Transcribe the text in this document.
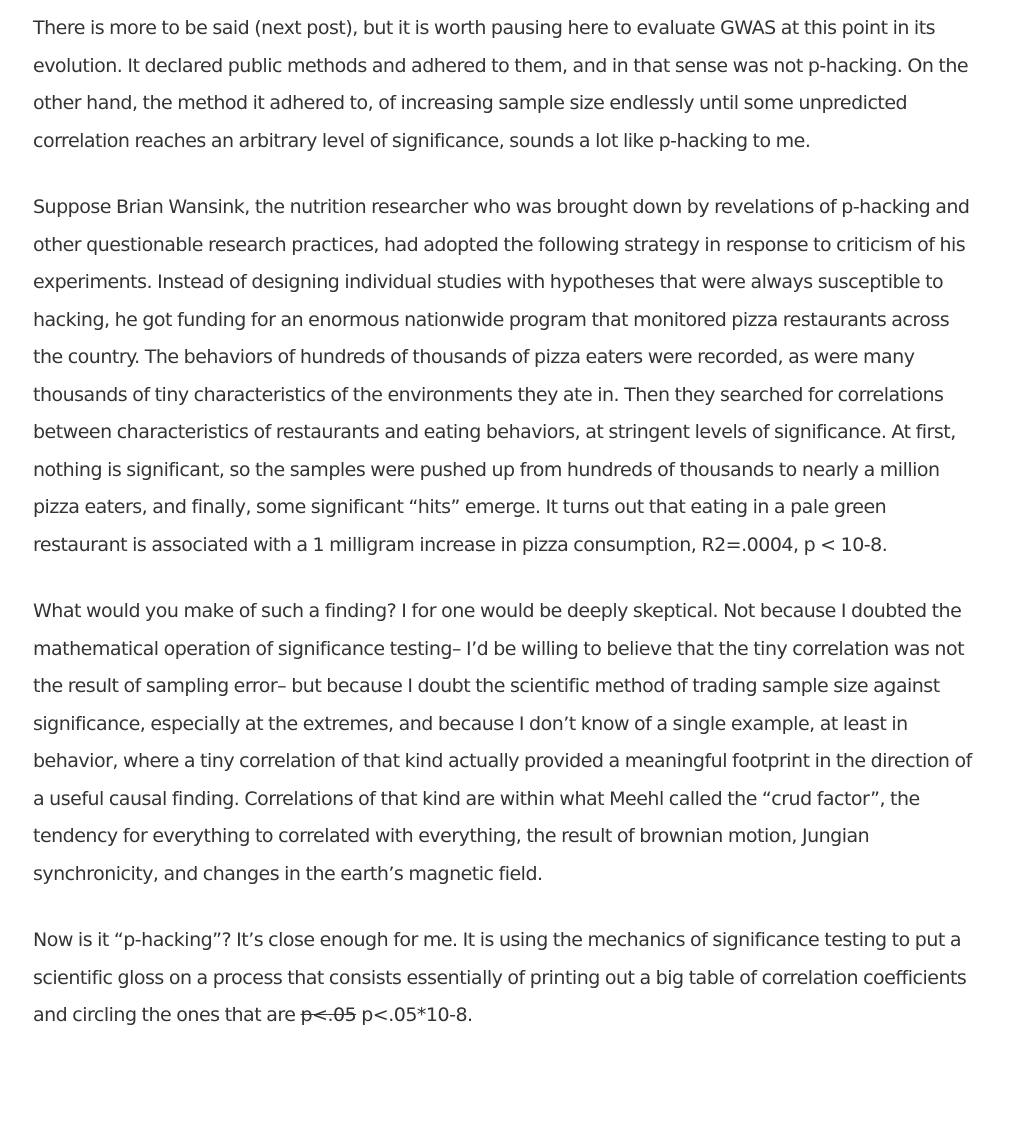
There is more to be said (next post), but it is worth pausing here to evaluate GWAS at this point in its evolution. It declared public methods and adhered to them, and in that sense was not p-hacking. On the other hand, the method it adhered to, of increasing sample size endlessly until some unpredicted correlation reaches an arbitrary level of significance, sounds a lot like p-hacking to me.

Suppose Brian Wansink, the nutrition researcher who was brought down by revelations of p-hacking and other questionable research practices, had adopted the following strategy in response to criticism of his experiments. Instead of designing individual studies with hypotheses that were always susceptible to hacking, he got funding for an enormous nationwide program that monitored pizza restaurants across the country. The behaviors of hundreds of thousands of pizza eaters were recorded, as were many thousands of tiny characteristics of the environments they ate in. Then they searched for correlations between characteristics of restaurants and eating behaviors, at stringent levels of significance. At first, nothing is significant, so the samples were pushed up from hundreds of thousands to nearly a million pizza eaters, and finally, some significant “hits” emerge. It turns out that eating in a pale green restaurant is associated with a 1 milligram increase in pizza consumption, R2=.0004, p < 10-8.

What would you make of such a finding? I for one would be deeply skeptical. Not because I doubted the mathematical operation of significance testing– I’d be willing to believe that the tiny correlation was not the result of sampling error– but because I doubt the scientific method of trading sample size against significance, especially at the extremes, and because I don’t know of a single example, at least in behavior, where a tiny correlation of that kind actually provided a meaningful footprint in the direction of a useful causal finding. Correlations of that kind are within what Meehl called the “crud factor”, the tendency for everything to correlated with everything, the result of brownian motion, Jungian synchronicity, and changes in the earth’s magnetic field.

Now is it “p-hacking”? It’s close enough for me. It is using the mechanics of significance testing to put a scientific gloss on a process that consists essentially of printing out a big table of correlation coefficients and circling the ones that are p<.05 p<.05*10-8.
